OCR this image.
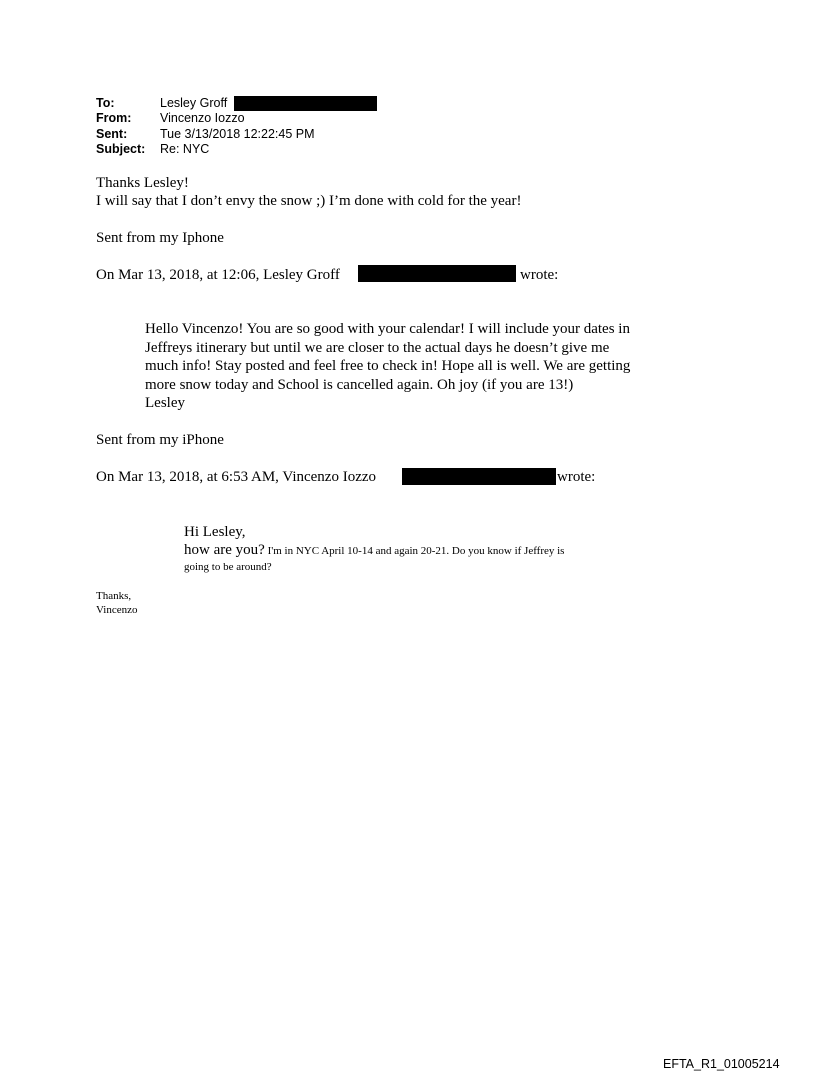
To:	Lesley Groff
From: Vincenzo Iozzo
Sent:	Tue 3/13/2018 12:22:45 PM
Subject: Re: NYC
Thanks Lesley!
I will say that I don’t envy the snow ;) I’m done with cold for the year!
Sent from my Iphone
On Mar 13, 2018, at 12:06, Lesley Groff	wrote:
Hello Vincenzo! You are so good with your calendar! I will include your dates in
Jeffreys itinerary but until we are closer to the actual days he doesn’t give me
much info! Stay posted and feel free to check in! Hope all is well. We are getting
more snow today and School is cancelled again. Oh joy (if you are 13!)
Lesley
Sent from my iPhone
On Mar 13, 2018, at 6:53 AM, Vincenzo Iozzo	wrote:
Hi Lesley,
how are you? I'm in NYC April 10-14 and again 20-21. Do you know if Jeffrey is
going to be around?
Thanks,
Vincenzo
EFTA_R1_01005214
